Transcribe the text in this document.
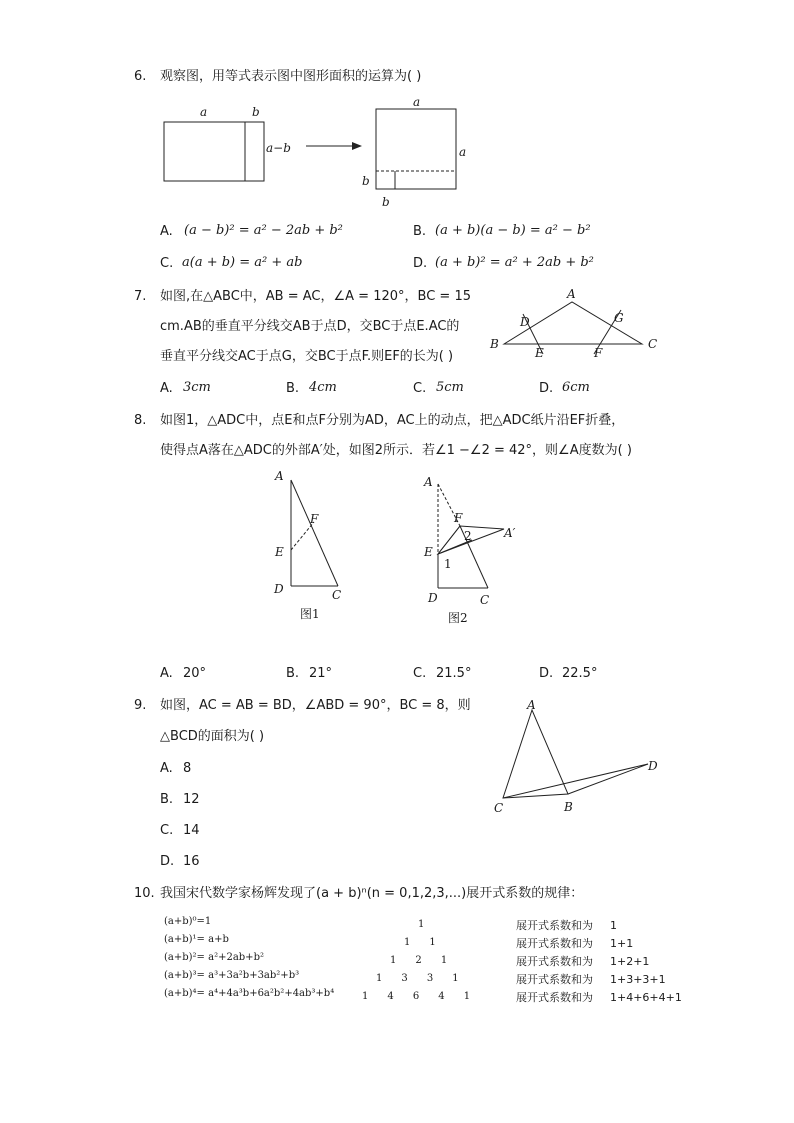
6. 观察图，用等式表示图中图形面积的运算为( )
a	b
a−b
a
a
b
b
A. (a − b)² = a² − 2ab + b²	B. (a + b)(a − b) = a² − b²
C. a(a + b) = a² + ab	D. (a + b)² = a² + 2ab + b²
7. 如图,在△ABC中，AB = AC，∠A = 120°，BC = 15
cm.AB的垂直平分线交AB于点D，交BC于点E.AC的
垂直平分线交AC于点G，交BC于点F.则EF的长为( )
A
B	C
D
E	F
G
A. 3cm	B. 4cm	C. 5cm	D. 6cm
8. 如图1，△ADC中，点E和点F分别为AD，AC上的动点，把△ADC纸片沿EF折叠，
使得点A落在△ADC的外部A′处，如图2所示．若∠1 −∠2 = 42°，则∠A度数为( )
A
F
E
D	C
图1
A
F
E
D	C
A′
1
2
图2
A. 20°	B. 21°	C. 21.5°	D. 22.5°
9. 如图，AC = AB = BD，∠ABD = 90°，BC = 8，则
△BCD的面积为( )
A
B
C
D
A. 8
B. 12
C. 14
D. 16
10. 我国宋代数学家杨辉发现了(a + b)ⁿ(n = 0,1,2,3,...)展开式系数的规律：
(a+b)⁰=1	1	展开式系数和为 1
(a+b)¹= a+b	1      1	展开式系数和为 1+1
(a+b)²= a²+2ab+b²	1      2      1	展开式系数和为 1+2+1
(a+b)³= a³+3a²b+3ab²+b³	1      3      3      1	展开式系数和为 1+3+3+1
(a+b)⁴= a⁴+4a³b+6a²b²+4ab³+b⁴	1      4      6      4      1	展开式系数和为 1+4+6+4+1
